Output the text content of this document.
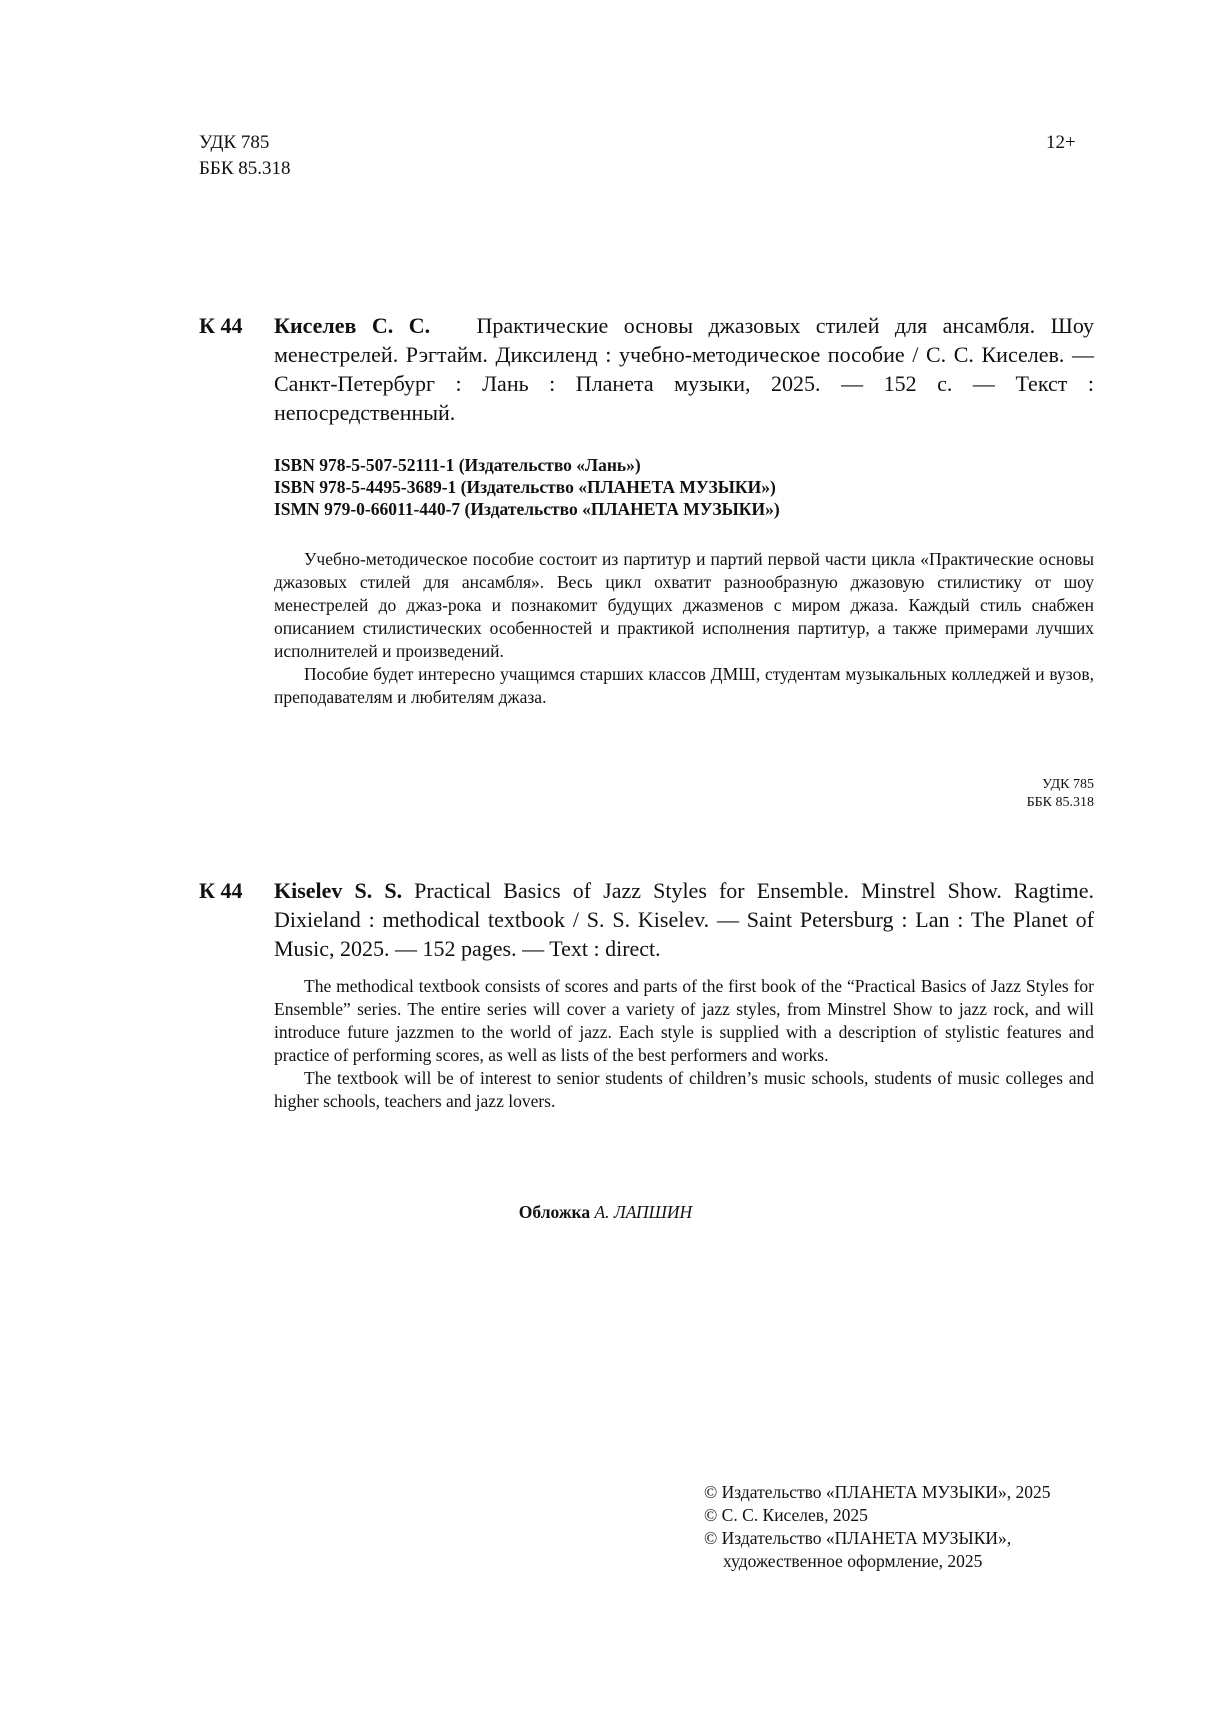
УДК 785
ББК 85.318
12+
К 44 Киселев С. С. Практические основы джазовых стилей для ансамбля. Шоу менестрелей. Рэгтайм. Диксиленд : учебно-методическое пособие / С. С. Киселев. — Санкт-Петербург : Лань : Планета музыки, 2025. — 152 с. — Текст : непосредственный.
ISBN 978-5-507-52111-1 (Издательство «Лань»)
ISBN 978-5-4495-3689-1 (Издательство «ПЛАНЕТА МУЗЫКИ»)
ISMN 979-0-66011-440-7 (Издательство «ПЛАНЕТА МУЗЫКИ»)

Учебно-методическое пособие состоит из партитур и партий первой части цикла «Практические основы джазовых стилей для ансамбля». Весь цикл охватит разнообразную джазовую стилистику от шоу менестрелей до джаз-рока и познакомит будущих джазменов с миром джаза. Каждый стиль снабжен описанием стилистических особенностей и практикой исполнения партитур, а также примерами лучших исполнителей и произведений.

Пособие будет интересно учащимся старших классов ДМШ, студентам музыкальных колледжей и вузов, преподавателям и любителям джаза.

УДК 785
ББК 85.318
К 44 Kiselev S. S. Practical Basics of Jazz Styles for Ensemble. Minstrel Show. Ragtime. Dixieland : methodical textbook / S. S. Kiselev. — Saint Petersburg : Lan : The Planet of Music, 2025. — 152 pages. — Text : direct.

The methodical textbook consists of scores and parts of the first book of the “Practical Basics of Jazz Styles for Ensemble” series. The entire series will cover a variety of jazz styles, from Minstrel Show to jazz rock, and will introduce future jazzmen to the world of jazz. Each style is supplied with a description of stylistic features and practice of performing scores, as well as lists of the best performers and works.

The textbook will be of interest to senior students of children’s music schools, students of music colleges and higher schools, teachers and jazz lovers.

Обложка А. ЛАПШИН
© Издательство «ПЛАНЕТА МУЗЫКИ», 2025
© С. С. Киселев, 2025
© Издательство «ПЛАНЕТА МУЗЫКИ»,
художественное оформление, 2025
